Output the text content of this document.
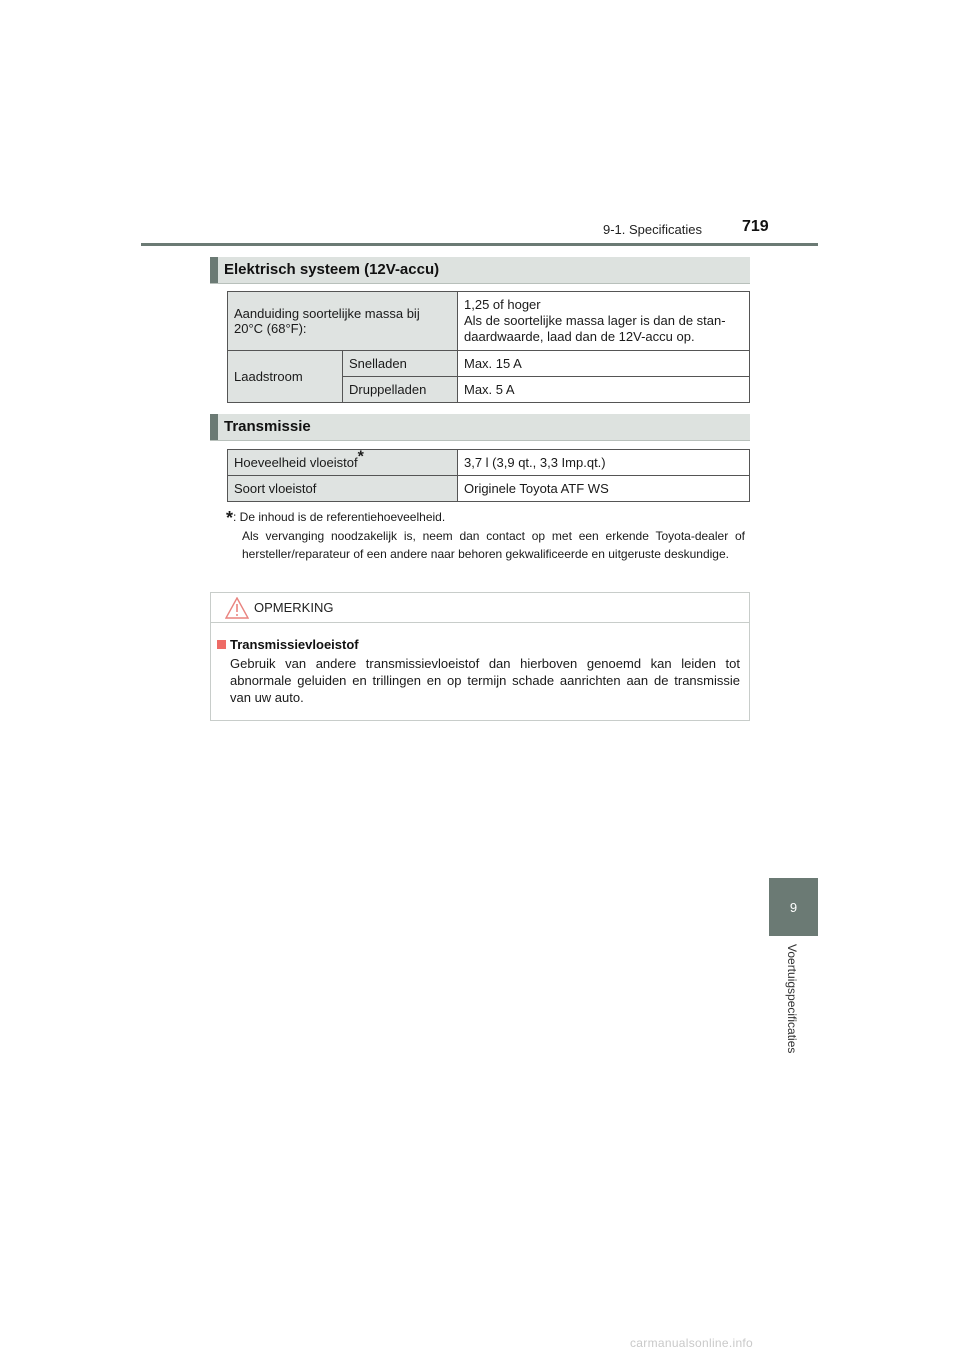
9-1. Specificaties	719
9
Voertuigspecificaties
Elektrisch systeem (12V-accu)
Aanduiding soortelijke massa bij 20°C (68°F):		1,25 of hoger
Als de soortelijke massa lager is dan de stan-
daardwaarde, laad dan de 12V-accu op.

Laadstroom	Snelladen	Max. 15 A
	Druppelladen	Max. 5 A
Transmissie
Hoeveelheid vloeistof*	3,7 l (3,9 qt., 3,3 Imp.qt.)
Soort vloeistof	Originele Toyota ATF WS
*: De inhoud is de referentiehoeveelheid.
Als vervanging noodzakelijk is, neem dan contact op met een erkende Toyota-dealer of hersteller/reparateur of een andere naar behoren gekwalificeerde en uitgeruste deskundige.
OPMERKING
Transmissievloeistof
Gebruik van andere transmissievloeistof dan hierboven genoemd kan leiden tot abnormale geluiden en trillingen en op termijn schade aanrichten aan de transmissie van uw auto.
carmanualsonline.info
